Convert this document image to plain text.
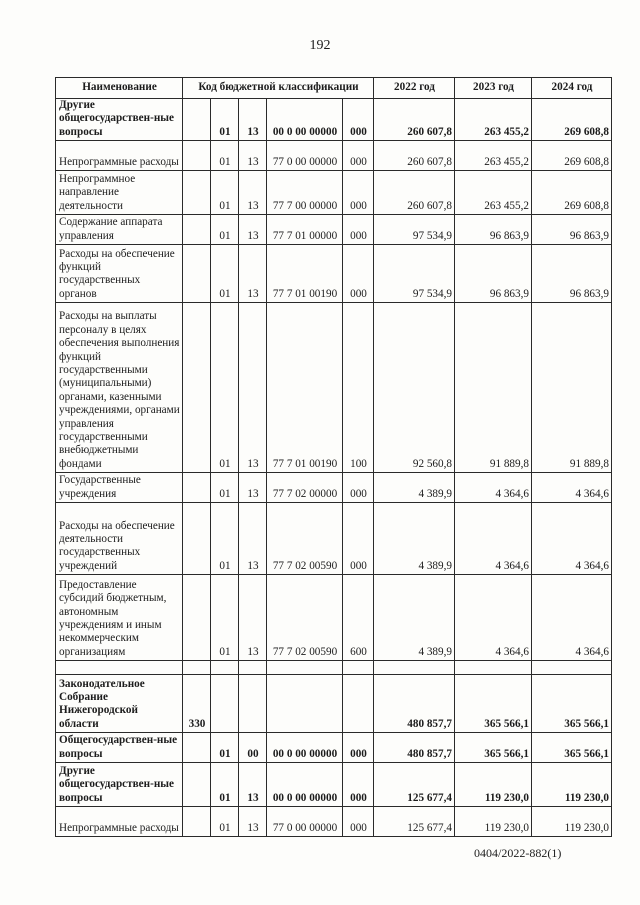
192
Наименование	Код бюджетной классификации					2022 год	2023 год	2024 год
Другие общегосударствен-ные вопросы		01	13	00 0 00 00000	000	260 607,8	263 455,2	269 608,8
Непрограммные расходы		01	13	77 0 00 00000	000	260 607,8	263 455,2	269 608,8
Непрограммное направление деятельности		01	13	77 7 00 00000	000	260 607,8	263 455,2	269 608,8
Содержание аппарата управления		01	13	77 7 01 00000	000	97 534,9	96 863,9	96 863,9
Расходы на обеспечение функций государственных органов		01	13	77 7 01 00190	000	97 534,9	96 863,9	96 863,9
Расходы на выплаты персоналу в целях обеспечения выполнения функций государственными (муниципальными) органами, казенными учреждениями, органами управления государственными внебюджетными фондами		01	13	77 7 01 00190	100	92 560,8	91 889,8	91 889,8
Государственные учреждения		01	13	77 7 02 00000	000	4 389,9	4 364,6	4 364,6
Расходы на обеспечение деятельности государственных учреждений		01	13	77 7 02 00590	000	4 389,9	4 364,6	4 364,6
Предоставление субсидий бюджетным, автономным учреждениям и иным некоммерческим организациям		01	13	77 7 02 00590	600	4 389,9	4 364,6	4 364,6

Законодательное Собрание Нижегородской области	330					480 857,7	365 566,1	365 566,1
Общегосударствен-ные вопросы		01	00	00 0 00 00000	000	480 857,7	365 566,1	365 566,1
Другие общегосударствен-ные вопросы		01	13	00 0 00 00000	000	125 677,4	119 230,0	119 230,0
Непрограммные расходы		01	13	77 0 00 00000	000	125 677,4	119 230,0	119 230,0
0404/2022-882(1)
